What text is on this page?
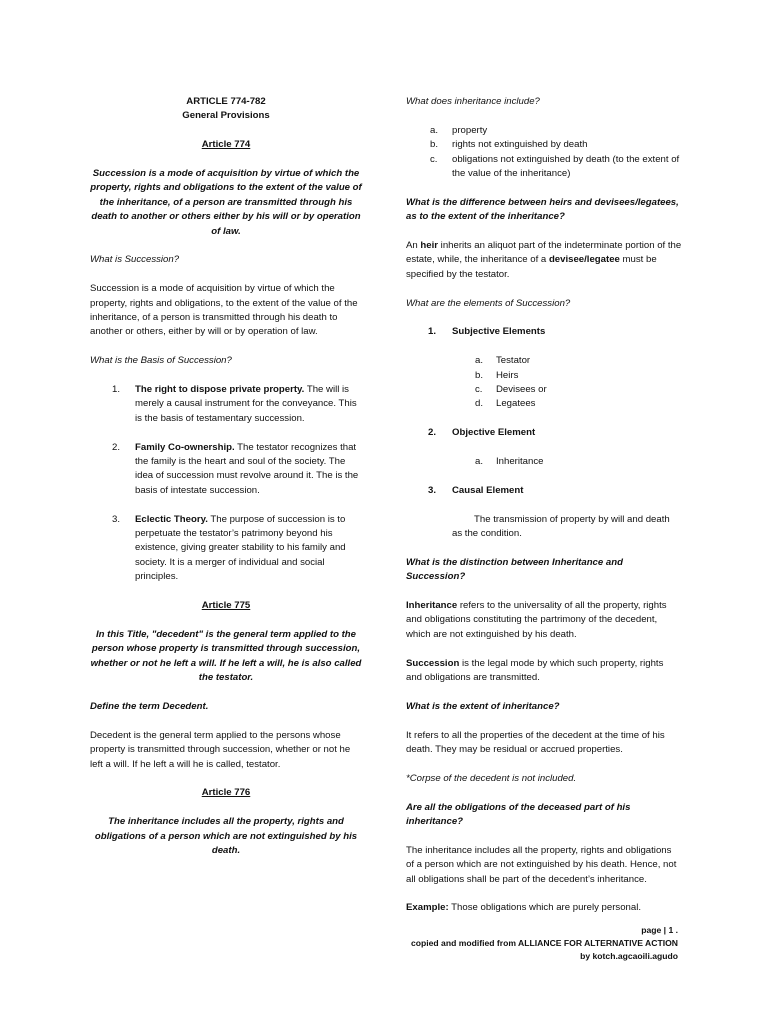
ARTICLE 774-782

General Provisions

Article 774

Succession is a mode of acquisition by virtue of which the property, rights and obligations to the extent of the value of the inheritance, of a person are transmitted through his death to another or others either by his will or by operation of law.

What is Succession?

Succession is a mode of acquisition by virtue of which the property, rights and obligations, to the extent of the value of the inheritance, of a person is transmitted through his death to another or others, either by will or by operation of law.

What is the Basis of Succession?

1. The right to dispose private property. The will is merely a causal instrument for the conveyance. This is the basis of testamentary succession.
2. Family Co-ownership. The testator recognizes that the family is the heart and soul of the society. The idea of succession must revolve around it. The is the basis of intestate succession.
3. Eclectic Theory. The purpose of succession is to perpetuate the testator’s patrimony beyond his existence, giving greater stability to his family and society. It is a merger of individual and social principles.

Article 775

In this Title, "decedent" is the general term applied to the person whose property is transmitted through succession, whether or not he left a will. If he left a will, he is also called the testator.

Define the term Decedent.

Decedent is the general term applied to the persons whose property is transmitted through succession, whether or not he left a will. If he left a will he is called, testator.

Article 776

The inheritance includes all the property, rights and obligations of a person which are not extinguished by his death.

What does inheritance include?

a. property
b. rights not extinguished by death
c. obligations not extinguished by death (to the extent of the value of the inheritance)

What is the difference between heirs and devisees/legatees, as to the extent of the inheritance?

An heir inherits an aliquot part of the indeterminate portion of the estate, while, the inheritance of a devisee/legatee must be specified by the testator.

What are the elements of Succession?

1. Subjective Elements

a. Testator
b. Heirs
c. Devisees or
d. Legatees

2. Objective Element

a. Inheritance

3. Causal Element

The transmission of property by will and death as the condition.

What is the distinction between Inheritance and Succession?

Inheritance refers to the universality of all the property, rights and obligations constituting the partrimony of the decedent, which are not extinguished by his death.

Succession is the legal mode by which such property, rights and obligations are transmitted.

What is the extent of inheritance?

It refers to all the properties of the decedent at the time of his death. They may be residual or accrued properties.

*Corpse of the decedent is not included.

Are all the obligations of the deceased part of his inheritance?

The inheritance includes all the property, rights and obligations of a person which are not extinguished by his death. Hence, not all obligations shall be part of the decedent’s inheritance.

Example: Those obligations which are purely personal.

page | 1 .

copied and modified from ALLIANCE FOR ALTERNATIVE ACTION

by kotch.agcaoili.agudo
